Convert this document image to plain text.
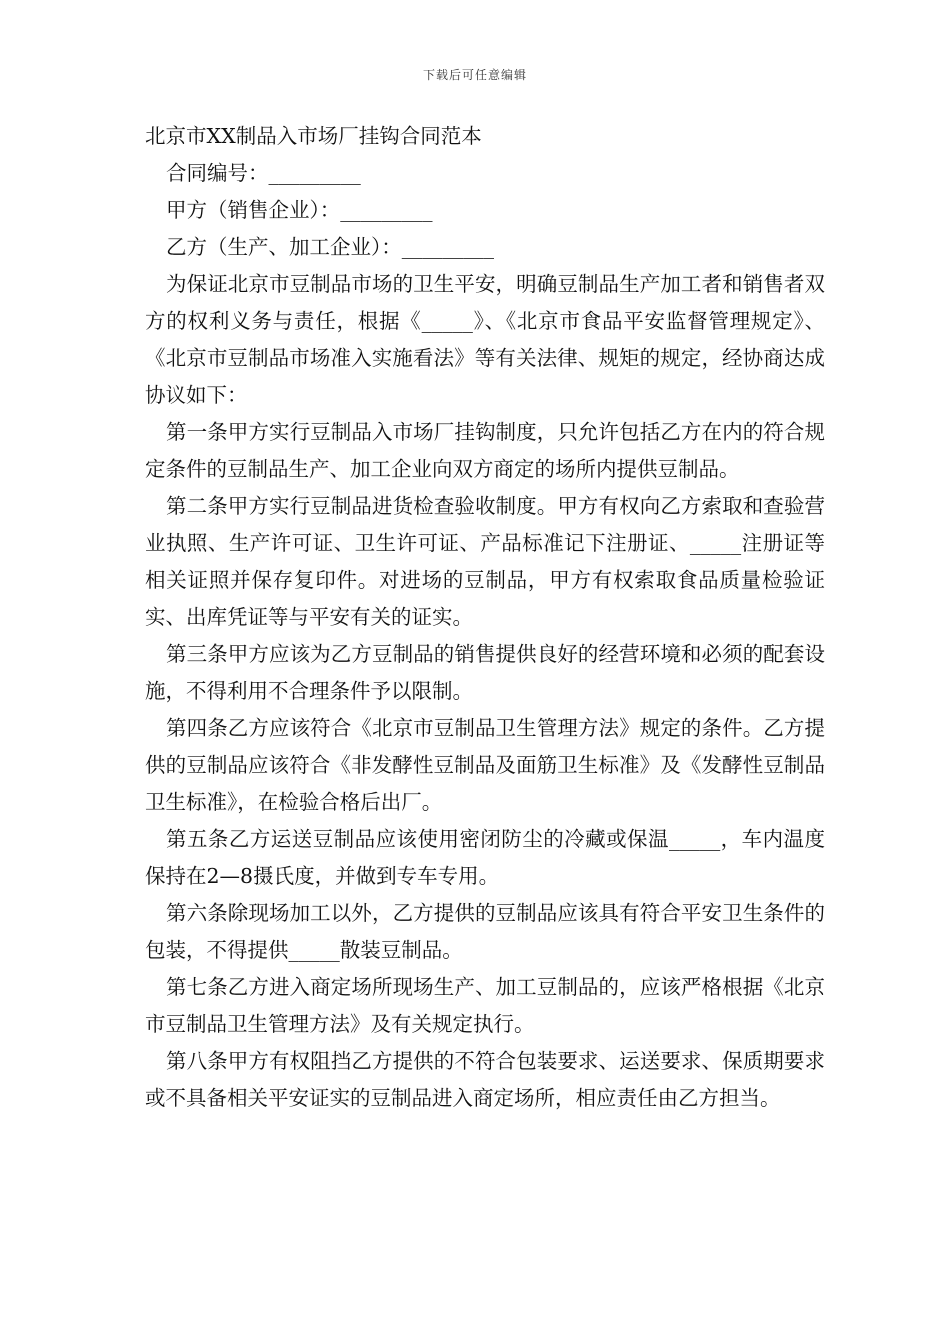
下载后可任意编辑
北京市XX制品入市场厂挂钩合同范本

合同编号：_________

甲方（销售企业）：_________

乙方（生产、加工企业）：_________

为保证北京市豆制品市场的卫生平安，明确豆制品生产加工者和销售者双方的权利义务与责任，根据《_____》、《北京市食品平安监督管理规定》、《北京市豆制品市场准入实施看法》等有关法律、规矩的规定，经协商达成协议如下：

第一条甲方实行豆制品入市场厂挂钩制度，只允许包括乙方在内的符合规定条件的豆制品生产、加工企业向双方商定的场所内提供豆制品。

第二条甲方实行豆制品进货检查验收制度。甲方有权向乙方索取和查验营业执照、生产许可证、卫生许可证、产品标准记下注册证、_____注册证等相关证照并保存复印件。对进场的豆制品，甲方有权索取食品质量检验证实、出库凭证等与平安有关的证实。

第三条甲方应该为乙方豆制品的销售提供良好的经营环境和必须的配套设施，不得利用不合理条件予以限制。

第四条乙方应该符合《北京市豆制品卫生管理方法》规定的条件。乙方提供的豆制品应该符合《非发酵性豆制品及面筋卫生标准》及《发酵性豆制品卫生标准》，在检验合格后出厂。

第五条乙方运送豆制品应该使用密闭防尘的冷藏或保温_____，车内温度保持在2—8摄氏度，并做到专车专用。

第六条除现场加工以外，乙方提供的豆制品应该具有符合平安卫生条件的包装，不得提供_____散装豆制品。

第七条乙方进入商定场所现场生产、加工豆制品的，应该严格根据《北京市豆制品卫生管理方法》及有关规定执行。

第八条甲方有权阻挡乙方提供的不符合包装要求、运送要求、保质期要求或不具备相关平安证实的豆制品进入商定场所，相应责任由乙方担当。
